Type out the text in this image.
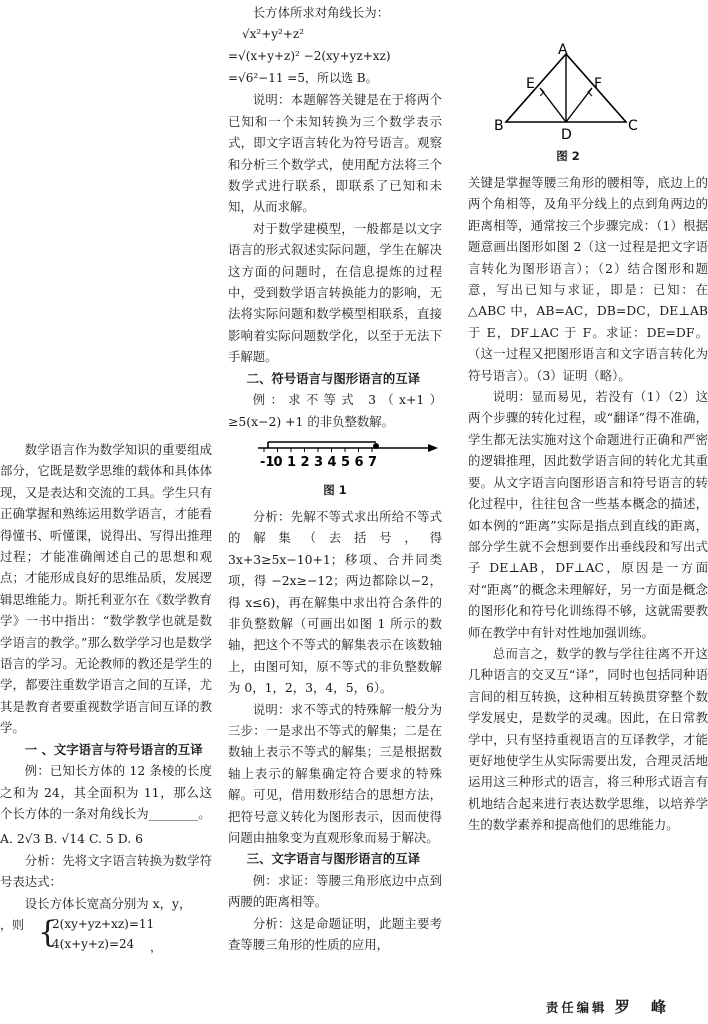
数学语言作为数学知识的重要组成部分，它既是数学思维的载体和具体体现，又是表达和交流的工具。学生只有正确掌握和熟练运用数学语言，才能看得懂书、听懂课，说得出、写得出推理过程；才能准确阐述自己的思想和观点；才能形成良好的思维品质，发展逻辑思维能力。斯托利亚尔在《数学教育学》一书中指出：“数学教学也就是数学语言的教学。”那么数学学习也是数学语言的学习。无论教师的教还是学生的学，都要注重数学语言之间的互译，尤其是教育者要重视数学语言间互译的教学。

一 、文字语言与符号语言的互译

例：已知长方体的 12 条棱的长度之和为 24，其全面积为 11，那么这个长方体的一条对角线长为________。

A. 2√3 B. √14 C. 5 D. 6

分析：先将文字语言转换为数学符号表达式：

设长方体长宽高分别为 x，y，

，则 {
2(xy+yz+xz)=11
4(x+y+z)=24	，

长方体所求对角线长为：

√x²+y²+z²
=√(x+y+z)² −2(xy+yz+xz)
=√6²−11 =5，所以选 B。

说明：本题解答关键是在于将两个已知和一个未知转换为三个数学表示式，即文字语言转化为符号语言。观察和分析三个数学式，使用配方法将三个数学式进行联系，即联系了已知和未知，从而求解。

对于数学建模型，一般都是以文字语言的形式叙述实际问题，学生在解决这方面的问题时，在信息提炼的过程中，受到数学语言转换能力的影响，无法将实际问题和数学模型相联系，直接影响着实际问题数学化，以至于无法下手解题。

二、符号语言与图形语言的互译

例：求不等式 3（x+1）≥5(x−2) +1 的非负整数解。

-1 0 1 2 3 4 5 6 7
图 1

分析：先解不等式求出所给不等式的解集（去括号，得 3x+3≥5x−10+1；移项、合并同类项，得 −2x≥−12；两边都除以−2，得 x≤6)，再在解集中求出符合条件的非负整数解（可画出如图 1 所示的数轴，把这个不等式的解集表示在该数轴上，由图可知，原不等式的非负整数解为 0，1，2，3，4，5，6）。

说明：求不等式的特殊解一般分为三步：一是求出不等式的解集；二是在数轴上表示不等式的解集；三是根据数轴上表示的解集确定符合要求的特殊解。可见，借用数形结合的思想方法，把符号意义转化为图形表示，因而使得问题由抽象变为直观形象而易于解决。

三、文字语言与图形语言的互译

例：求证：等腰三角形底边中点到两腰的距离相等。

分析：这是命题证明，此题主要考查等腰三角形的性质的应用，

A
B	C
D
E	F
图 2

关键是掌握等腰三角形的腰相等，底边上的两个角相等，及角平分线上的点到角两边的距离相等，通常按三个步骤完成：（1）根据题意画出图形如图 2（这一过程是把文字语言转化为图形语言）；（2）结合图形和题意，写出已知与求证，即是：已知：在△ABC 中，AB=AC，DB=DC，DE⊥AB 于 E，DF⊥AC 于 F。求证：DE=DF。（这一过程又把图形语言和文字语言转化为符号语言）。（3）证明（略）。

说明：显而易见，若没有（1）（2）这两个步骤的转化过程，或“翻译”得不准确，学生都无法实施对这个命题进行正确和严密的逻辑推理，因此数学语言间的转化尤其重要。从文字语言向图形语言和符号语言的转化过程中，往往包含一些基本概念的描述，如本例的“距离”实际是指点到直线的距离，部分学生就不会想到要作出垂线段和写出式子 DE⊥AB，DF⊥AC，原因是一方面对“距离”的概念未理解好，另一方面是概念的图形化和符号化训练得不够，这就需要教师在教学中有针对性地加强训练。

总而言之，数学的教与学往往离不开这几种语言的交叉互“译”，同时也包括同种语言间的相互转换，这种相互转换贯穿整个数学发展史，是数学的灵魂。因此，在日常教学中，只有坚持重视语言的互译教学，才能更好地使学生从实际需要出发，合理灵活地运用这三种形式的语言，将三种形式语言有机地结合起来进行表达数学思维，以培养学生的数学素养和提高他们的思维能力。

责任编辑 罗 峰
